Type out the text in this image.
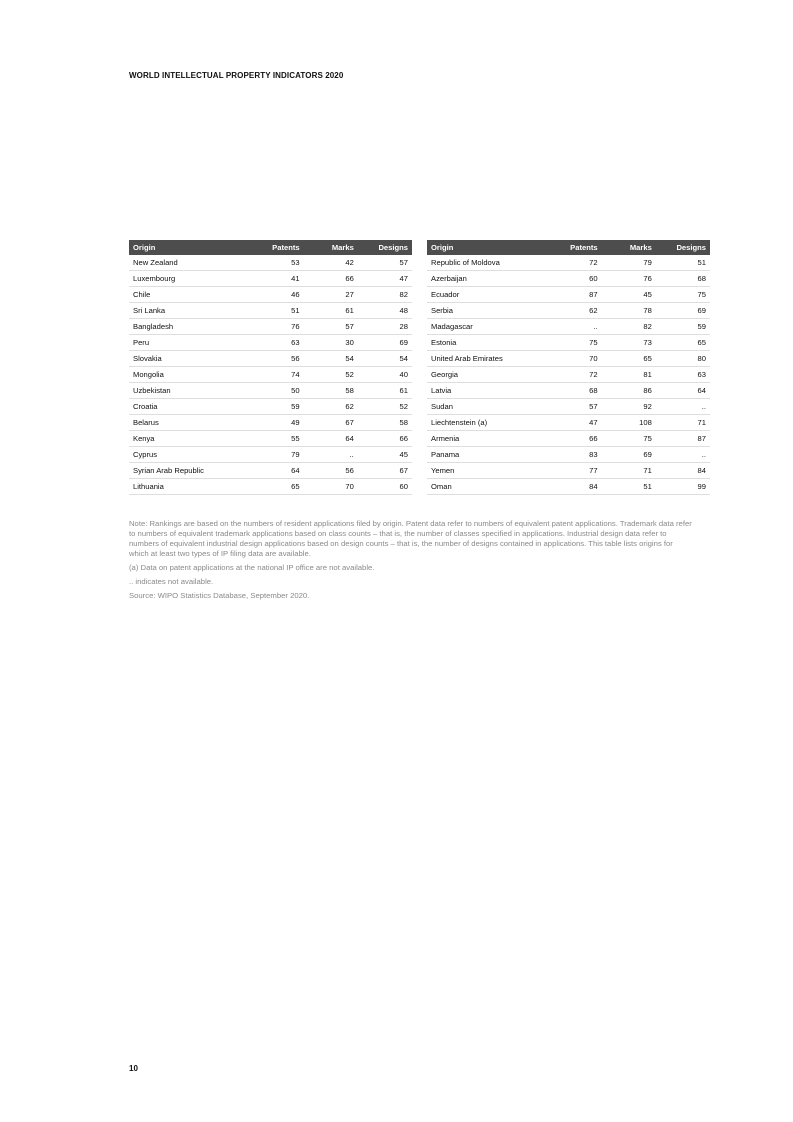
WORLD INTELLECTUAL PROPERTY INDICATORS 2020
Origin	Patents	Marks	Designs
New Zealand	53	42	57
Luxembourg	41	66	47
Chile	46	27	82
Sri Lanka	51	61	48
Bangladesh	76	57	28
Peru	63	30	69
Slovakia	56	54	54
Mongolia	74	52	40
Uzbekistan	50	58	61
Croatia	59	62	52
Belarus	49	67	58
Kenya	55	64	66
Cyprus	79	..	45
Syrian Arab Republic	64	56	67
Lithuania	65	70	60
Origin	Patents	Marks	Designs
Republic of Moldova	72	79	51
Azerbaijan	60	76	68
Ecuador	87	45	75
Serbia	62	78	69
Madagascar	..	82	59
Estonia	75	73	65
United Arab Emirates	70	65	80
Georgia	72	81	63
Latvia	68	86	64
Sudan	57	92	..
Liechtenstein (a)	47	108	71
Armenia	66	75	87
Panama	83	69	..
Yemen	77	71	84
Oman	84	51	99

Note: Rankings are based on the numbers of resident applications filed by origin. Patent data refer to numbers of equivalent patent applications. Trademark data refer to numbers of equivalent trademark applications based on class counts – that is, the number of classes specified in applications. Industrial design data refer to numbers of equivalent industrial design applications based on design counts – that is, the number of designs contained in applications. This table lists origins for which at least two types of IP filing data are available.

(a) Data on patent applications at the national IP office are not available.

.. indicates not available.

Source: WIPO Statistics Database, September 2020.

10
